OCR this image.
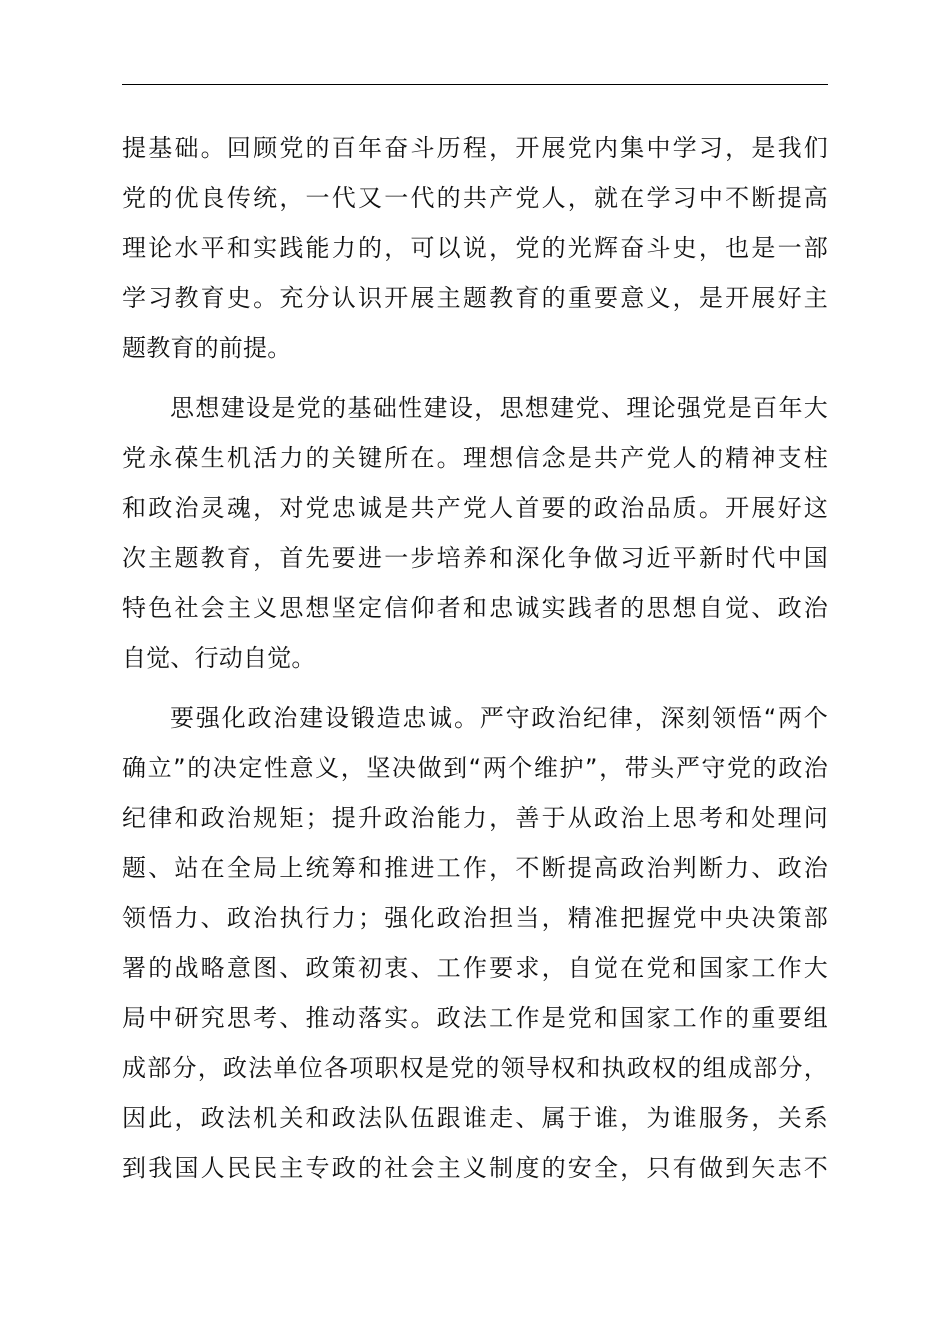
提基础。回顾党的百年奋斗历程，开展党内集中学习，是我们
党的优良传统，一代又一代的共产党人，就在学习中不断提高
理论水平和实践能力的，可以说，党的光辉奋斗史，也是一部
学习教育史。充分认识开展主题教育的重要意义，是开展好主
题教育的前提。
思想建设是党的基础性建设，思想建党、理论强党是百年大
党永葆生机活力的关键所在。理想信念是共产党人的精神支柱
和政治灵魂，对党忠诚是共产党人首要的政治品质。开展好这
次主题教育，首先要进一步培养和深化争做习近平新时代中国
特色社会主义思想坚定信仰者和忠诚实践者的思想自觉、政治
自觉、行动自觉。
要强化政治建设锻造忠诚。严守政治纪律，深刻领悟“两个
确立”的决定性意义，坚决做到“两个维护”，带头严守党的政治
纪律和政治规矩；提升政治能力，善于从政治上思考和处理问
题、站在全局上统筹和推进工作，不断提高政治判断力、政治
领悟力、政治执行力；强化政治担当，精准把握党中央决策部
署的战略意图、政策初衷、工作要求，自觉在党和国家工作大
局中研究思考、推动落实。政法工作是党和国家工作的重要组
成部分，政法单位各项职权是党的领导权和执政权的组成部分，
因此，政法机关和政法队伍跟谁走、属于谁，为谁服务，关系
到我国人民民主专政的社会主义制度的安全，只有做到矢志不
